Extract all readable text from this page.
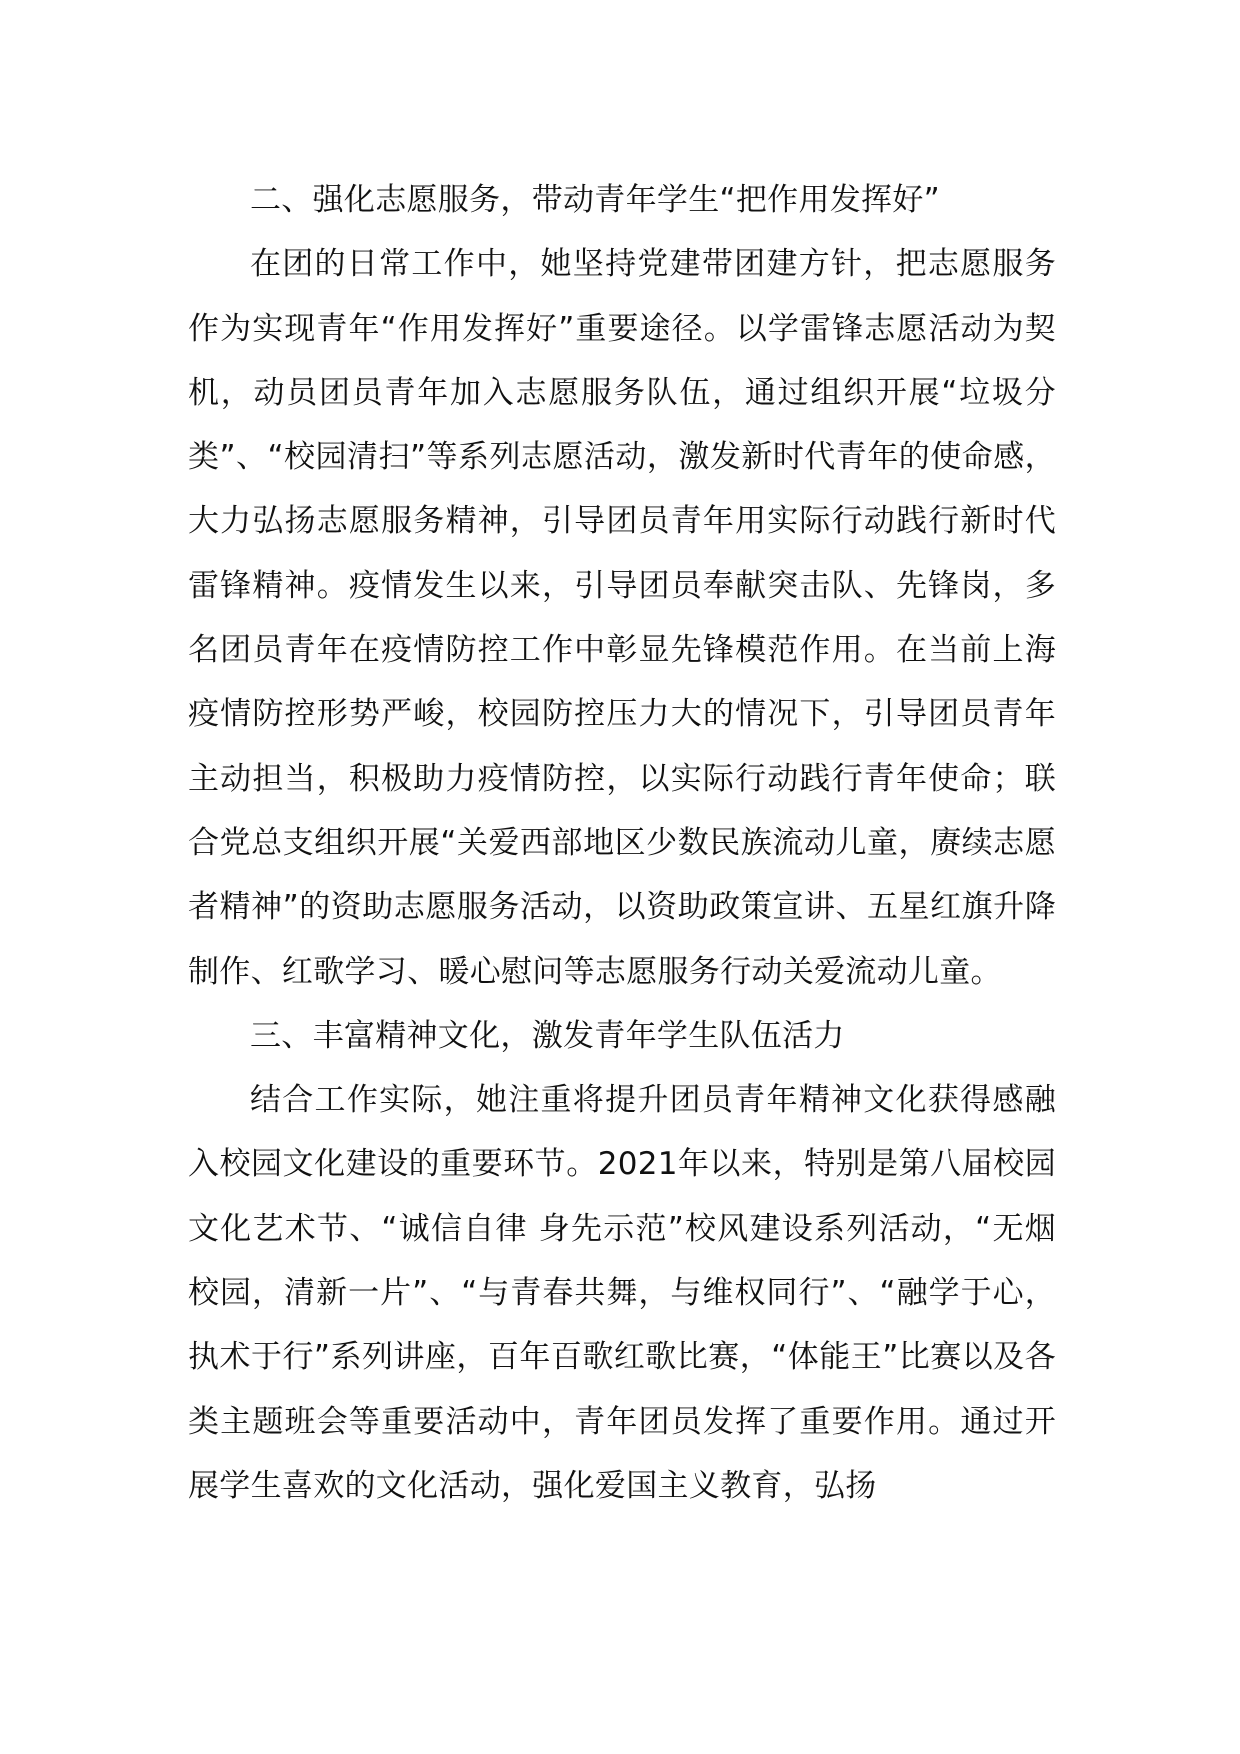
二、强化志愿服务，带动青年学生“把作用发挥好”

在团的日常工作中，她坚持党建带团建方针，把志愿服务作为实现青年“作用发挥好”重要途径。以学雷锋志愿活动为契机，动员团员青年加入志愿服务队伍，通过组织开展“垃圾分类”、“校园清扫”等系列志愿活动，激发新时代青年的使命感，大力弘扬志愿服务精神，引导团员青年用实际行动践行新时代雷锋精神。疫情发生以来，引导团员奉献突击队、先锋岗，多名团员青年在疫情防控工作中彰显先锋模范作用。在当前上海疫情防控形势严峻，校园防控压力大的情况下，引导团员青年主动担当，积极助力疫情防控，以实际行动践行青年使命；联合党总支组织开展“关爱西部地区少数民族流动儿童，赓续志愿者精神”的资助志愿服务活动，以资助政策宣讲、五星红旗升降制作、红歌学习、暖心慰问等志愿服务行动关爱流动儿童。

三、丰富精神文化，激发青年学生队伍活力

结合工作实际，她注重将提升团员青年精神文化获得感融入校园文化建设的重要环节。2021年以来，特别是第八届校园文化艺术节、“诚信自律 身先示范”校风建设系列活动，“无烟校园，清新一片”、“与青春共舞，与维权同行”、“融学于心，执术于行”系列讲座，百年百歌红歌比赛，“体能王”比赛以及各类主题班会等重要活动中，青年团员发挥了重要作用。通过开展学生喜欢的文化活动，强化爱国主义教育，弘扬
